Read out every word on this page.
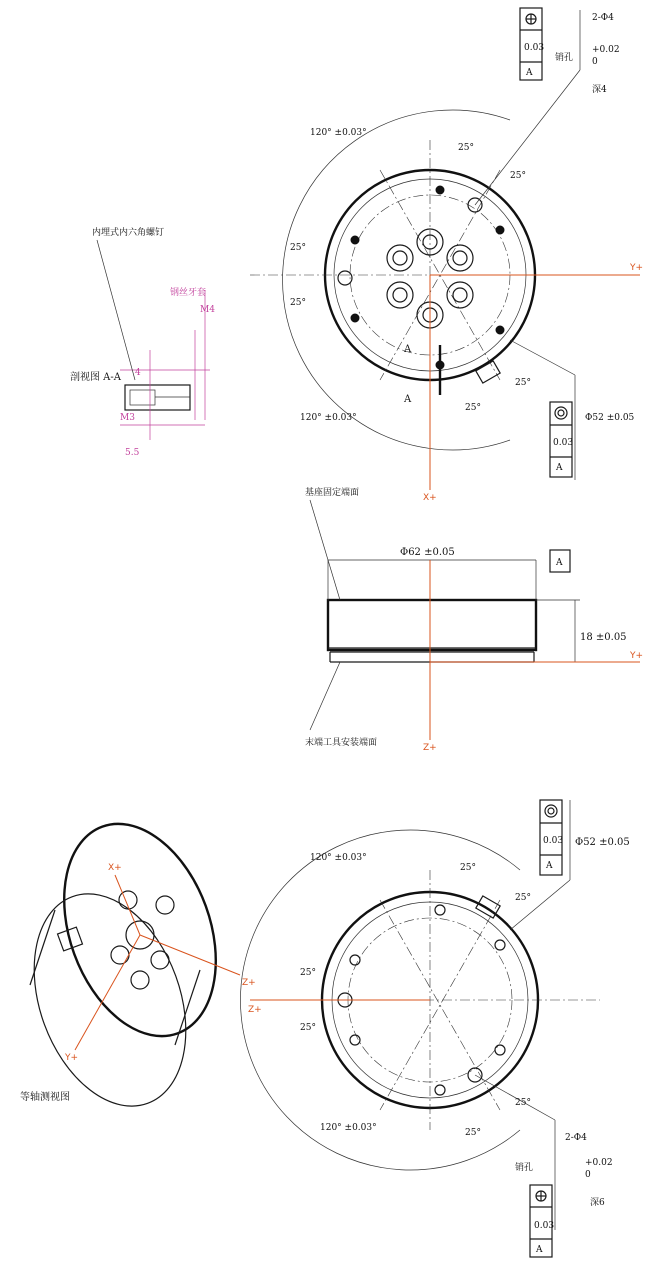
A
A
X+
Y+
25°
25°
25°
25°
25°
25°
120° ±0.03°
120° ±0.03°
2-Φ4
+0.02
0
深4
销孔
0.03
A
Φ52 ±0.05
0.03
A
M4
钢丝牙套
4
M3
5.5
内埋式内六角螺钉
剖视图 A-A
Φ62 ±0.05
A
18 ±0.05
Z+
Y+
基座固定端面
末端工具安装端面
Z+
25°
25°
25°
25°
25°
25°
120° ±0.03°
120° ±0.03°
Φ52 ±0.05
0.03
A
2-Φ4
+0.02
0
深6
销孔
0.03
A
X+
Z+
Y+
等轴测视图
